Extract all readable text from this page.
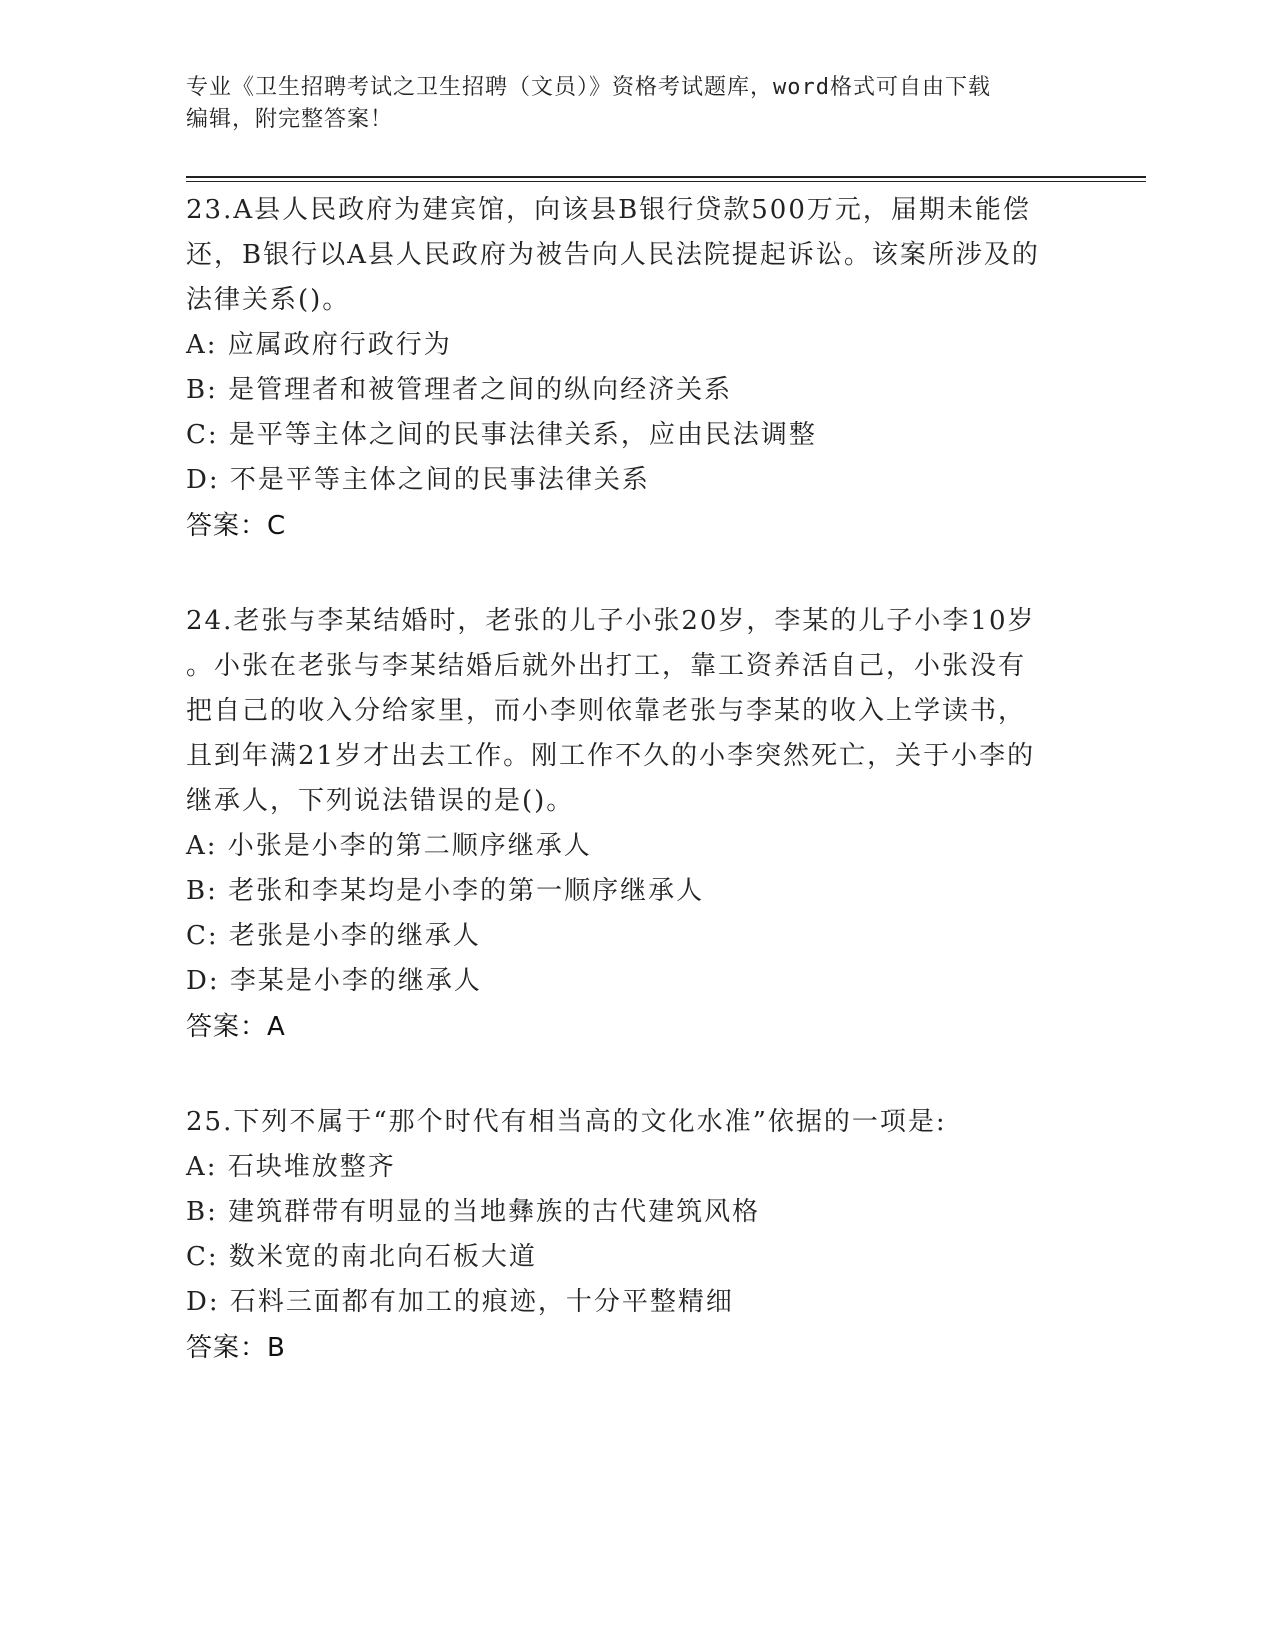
专业《卫生招聘考试之卫生招聘（文员）》资格考试题库，word格式可自由下载
编辑，附完整答案！
23.A县人民政府为建宾馆，向该县B银行贷款500万元，届期未能偿
还，B银行以A县人民政府为被告向人民法院提起诉讼。该案所涉及的
法律关系()。
A: 应属政府行政行为
B: 是管理者和被管理者之间的纵向经济关系
C: 是平等主体之间的民事法律关系，应由民法调整
D: 不是平等主体之间的民事法律关系
答案：C
24.老张与李某结婚时，老张的儿子小张20岁，李某的儿子小李10岁
。小张在老张与李某结婚后就外出打工，靠工资养活自己，小张没有
把自己的收入分给家里，而小李则依靠老张与李某的收入上学读书，
且到年满21岁才出去工作。刚工作不久的小李突然死亡，关于小李的
继承人，下列说法错误的是()。
A: 小张是小李的第二顺序继承人
B: 老张和李某均是小李的第一顺序继承人
C: 老张是小李的继承人
D: 李某是小李的继承人
答案：A
25.下列不属于“那个时代有相当高的文化水准”依据的一项是:
A: 石块堆放整齐
B: 建筑群带有明显的当地彝族的古代建筑风格
C: 数米宽的南北向石板大道
D: 石料三面都有加工的痕迹，十分平整精细
答案：B
